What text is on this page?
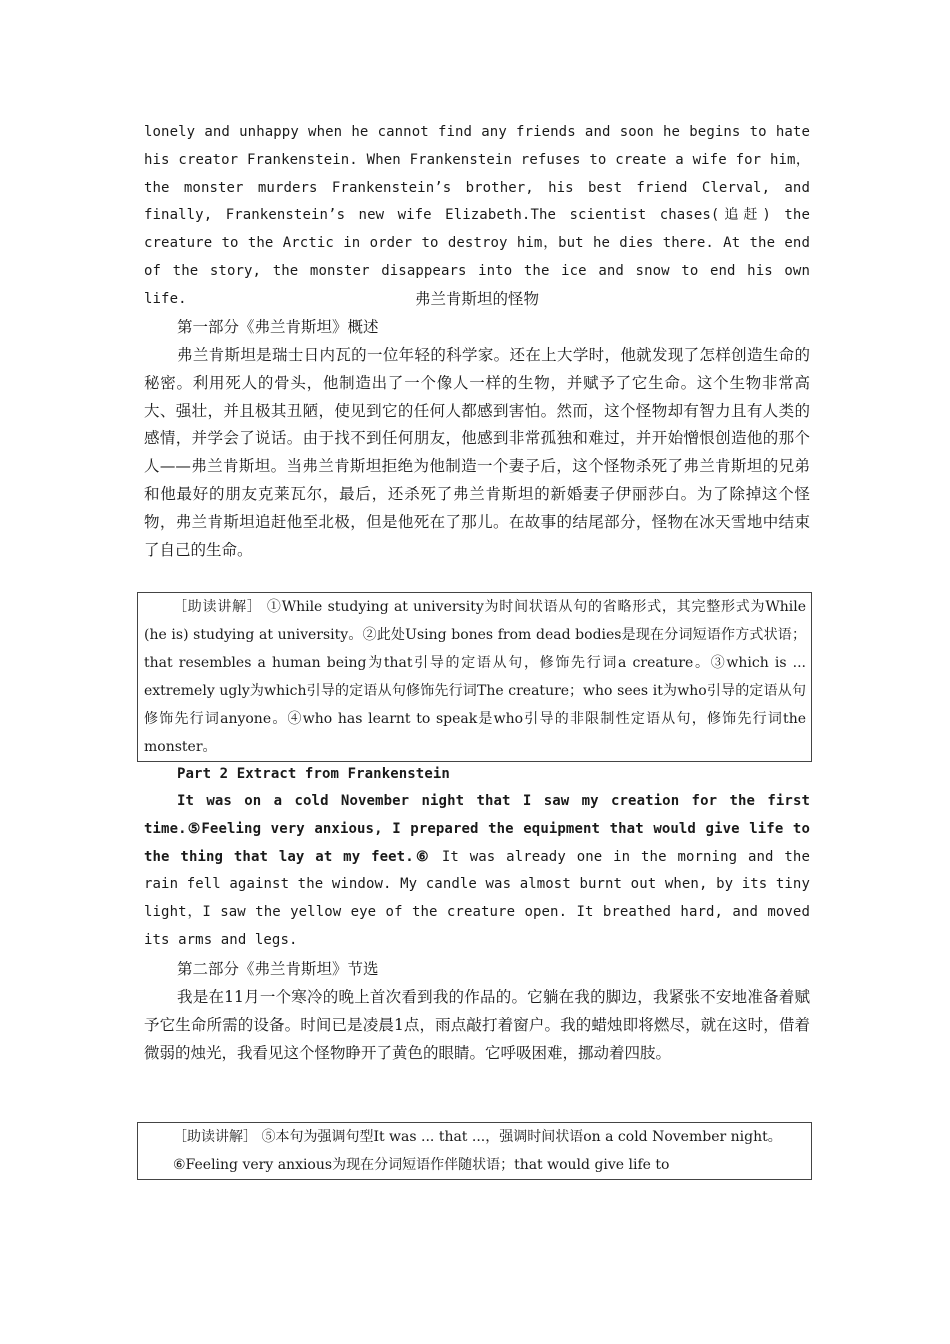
lonely and unhappy when he cannot find any friends and soon he begins to hate his creator Frankenstein. When Frankenstein refuses to create a wife for him，the monster murders Frankenstein’s brother, his best friend Clerval, and finally, Frankenstein’s new wife Elizabeth.The scientist chases(追赶) the creature to the Arctic in order to destroy him，but he dies there. At the end of the story, the monster disappears into the ice and snow to end his own life.	弗兰肯斯坦的怪物

第一部分《弗兰肯斯坦》概述

弗兰肯斯坦是瑞士日内瓦的一位年轻的科学家。还在上大学时，他就发现了怎样创造生命的秘密。利用死人的骨头，他制造出了一个像人一样的生物，并赋予了它生命。这个生物非常高大、强壮，并且极其丑陋，使见到它的任何人都感到害怕。然而，这个怪物却有智力且有人类的感情，并学会了说话。由于找不到任何朋友，他感到非常孤独和难过，并开始憎恨创造他的那个人——弗兰肯斯坦。当弗兰肯斯坦拒绝为他制造一个妻子后，这个怪物杀死了弗兰肯斯坦的兄弟和他最好的朋友克莱瓦尔，最后，还杀死了弗兰肯斯坦的新婚妻子伊丽莎白。为了除掉这个怪物，弗兰肯斯坦追赶他至北极，但是他死在了那儿。在故事的结尾部分，怪物在冰天雪地中结束了自己的生命。

［助读讲解］ ①While studying at university为时间状语从句的省略形式，其完整形式为While (he is) studying at university。②此处Using bones from dead bodies是现在分词短语作方式状语；that resembles a human being为that引导的定语从句，修饰先行词a creature。③which is ... extremely ugly为which引导的定语从句修饰先行词The creature；who sees it为who引导的定语从句修饰先行词anyone。④who has learnt to speak是who引导的非限制性定语从句，修饰先行词the monster。

Part 2 Extract from Frankenstein

It was on a cold November night that I saw my creation for the first time.⑤Feeling very anxious, I prepared the equipment that would give life to the thing that lay at my feet.⑥ It was already one in the morning and the rain fell against the window. My candle was almost burnt out when, by its tiny light，I saw the yellow eye of the creature open. It breathed hard, and moved its arms and legs.

第二部分《弗兰肯斯坦》节选

我是在11月一个寒冷的晚上首次看到我的作品的。它躺在我的脚边，我紧张不安地准备着赋予它生命所需的设备。时间已是凌晨1点，雨点敲打着窗户。我的蜡烛即将燃尽，就在这时，借着微弱的烛光，我看见这个怪物睁开了黄色的眼睛。它呼吸困难，挪动着四肢。

［助读讲解］ ⑤本句为强调句型It was ... that ...，强调时间状语on a cold November night。

⑥Feeling very anxious为现在分词短语作伴随状语；that would give life to
